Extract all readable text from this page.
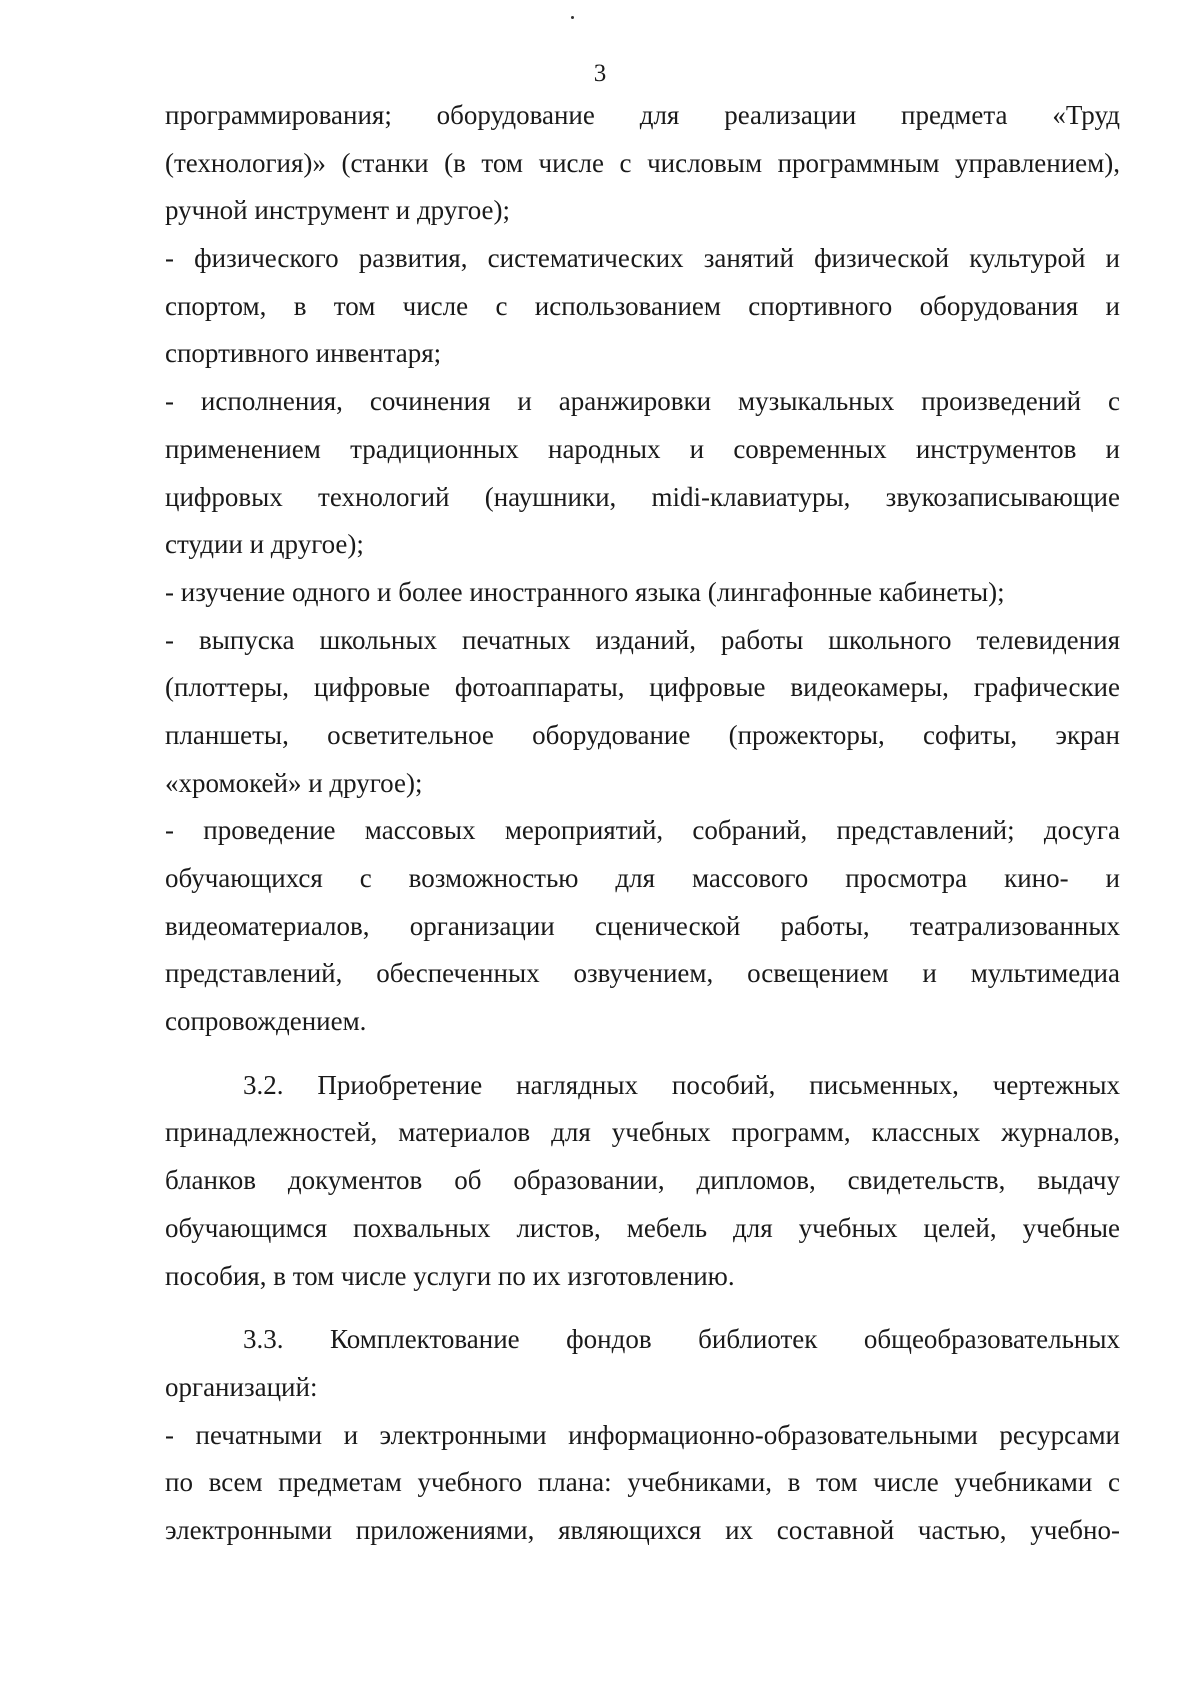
3
программирования; оборудование для реализации предмета «Труд
(технология)» (станки (в том числе с числовым программным управлением),
ручной инструмент и другое);
- физического развития, систематических занятий физической культурой и
спортом, в том числе с использованием спортивного оборудования и
спортивного инвентаря;
- исполнения, сочинения и аранжировки музыкальных произведений с
применением традиционных народных и современных инструментов и
цифровых технологий (наушники, midi-клавиатуры, звукозаписывающие
студии и другое);
- изучение одного и более иностранного языка (лингафонные кабинеты);
- выпуска школьных печатных изданий, работы школьного телевидения
(плоттеры, цифровые фотоаппараты, цифровые видеокамеры, графические
планшеты, осветительное оборудование (прожекторы, софиты, экран
«хромокей» и другое);
- проведение массовых мероприятий, собраний, представлений; досуга
обучающихся с возможностью для массового просмотра кино- и
видеоматериалов, организации сценической работы, театрализованных
представлений, обеспеченных озвучением, освещением и мультимедиа
сопровождением.
3.2. Приобретение наглядных пособий, письменных, чертежных
принадлежностей, материалов для учебных программ, классных журналов,
бланков документов об образовании, дипломов, свидетельств, выдачу
обучающимся похвальных листов, мебель для учебных целей, учебные
пособия, в том числе услуги по их изготовлению.
3.3. Комплектование фондов библиотек общеобразовательных
организаций:
- печатными и электронными информационно-образовательными ресурсами
по всем предметам учебного плана: учебниками, в том числе учебниками с
электронными приложениями, являющихся их составной частью, учебно-
